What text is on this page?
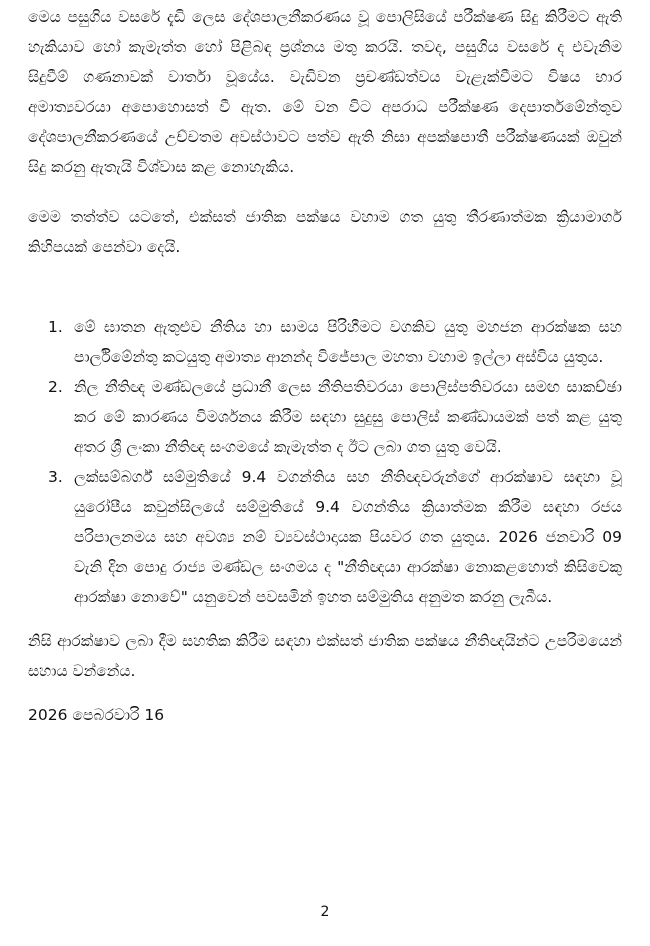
මෙය පසුගිය වසරේ දැඩි ලෙස දේශපාලනීකරණය වූ පොලිසියේ පරීක්ෂණ සිදු කිරීමට ඇති හැකියාව හෝ කැමැත්ත හෝ පිළිබඳ ප්‍රශ්නය මතු කරයි. තවද, පසුගිය වසරේ ද එවැනිම සිදුවීම් ගණනාවක් වාර්තා වූයේය. වැඩිවන ප්‍රචණ්ඩත්වය වැළැක්වීමට විෂය භාර අමාත්‍යවරයා අපොහොසත් වී ඇත. මේ වන විට අපරාධ පරීක්ෂණ දෙපාර්තමේන්තුව දේශපාලනීකරණයේ උච්චතම අවස්ථාවට පත්ව ඇති නිසා අපක්ෂපාතී පරීක්ෂණයක් ඔවුන් සිදු කරනු ඇතැයි විශ්වාස කළ නොහැකිය.

මෙම තත්ත්ව යටතේ, එක්සත් ජාතික පක්ෂය වහාම ගත යුතු තීරණාත්මක ක්‍රියාමාර්ග කිහිපයක් පෙන්වා දෙයි.

1. මේ ඝාතන ඇතුළුව නීතිය හා සාමය පිරිහීමට වගකිව යුතු මහජන ආරක්ෂක සහ පාර්ලිමේන්තු කටයුතු අමාත්‍ය ආනන්ද විජේපාල මහතා වහාම ඉල්ලා අස්විය යුතුය.
2. නිල නීතිඥ මණ්ඩලයේ ප්‍රධානී ලෙස නීතිපතිවරයා පොලිස්පතිවරයා සමඟ සාකච්ඡා කර මේ කාරණය විමර්ශනය කිරීම සඳහා සුදුසු පොලිස් කණ්ඩායමක් පත් කළ යුතු අතර ශ්‍රී ලංකා නීතිඥ සංගමයේ කැමැත්ත ද ඊට ලබා ගත යුතු වෙයි.
3. ලක්සම්බර්ග් සම්මුතියේ 9.4 වගන්තිය සහ නීතිඥවරුන්ගේ ආරක්ෂාව සඳහා වූ යුරෝපීය කවුන්සිලයේ සම්මුතියේ 9.4 වගන්තිය ක්‍රියාත්මක කිරීම සඳහා රජය පරිපාලනමය සහ අවශ්‍ය නම් ව්‍යවස්ථාදායක පියවර ගත යුතුය. 2026 ජනවාරි 09 වැනි දින පොදු රාජ්‍ය මණ්ඩල සංගමය ද "නීතිඥයා ආරක්ෂා නොකළහොත් කිසිවෙකු ආරක්ෂා නොවේ" යනුවෙන් පවසමින් ඉහත සම්මුතිය අනුමත කරනු ලැබීය.

නිසි ආරක්ෂාව ලබා දීම සහතික කිරීම සඳහා එක්සත් ජාතික පක්ෂය නීතිඥයින්ට උපරිමයෙන් සහාය වන්නේය.

2026 පෙබරවාරි 16
2
